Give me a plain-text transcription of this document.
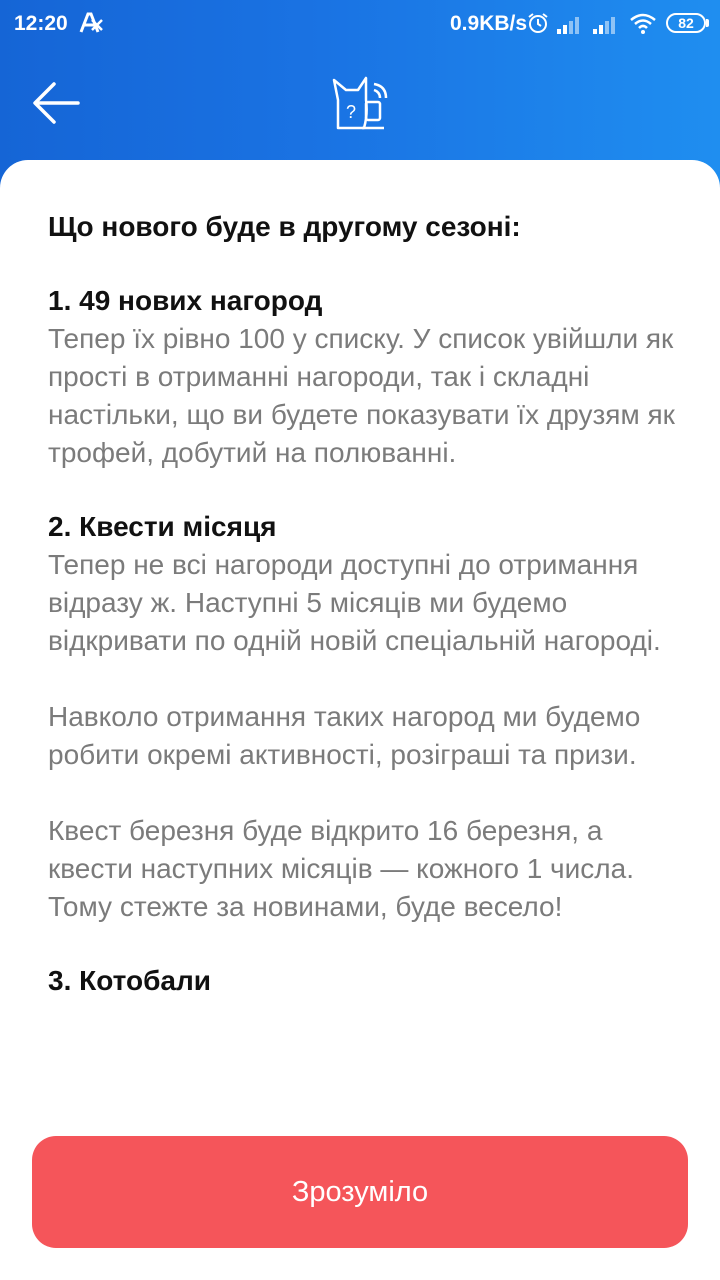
12:20	0.9KB/s	82
?

Що нового буде в другому сезоні:

1. 49 нових нагород

Тепер їх рівно 100 у списку. У список увійшли як прості в отриманні нагороди, так і складні настільки, що ви будете показувати їх друзям як трофей, добутий на полюванні.

2. Квести місяця

Тепер не всі нагороди доступні до отримання відразу ж. Наступні 5 місяців ми будемо відкривати по одній новій спеціальній нагороді.

Навколо отримання таких нагород ми будемо робити окремі активності, розіграші та призи.

Квест березня буде відкрито 16 березня, а квести наступних місяців — кожного 1 числа. Тому стежте за новинами, буде весело!

3. Котобали

Зрозуміло
